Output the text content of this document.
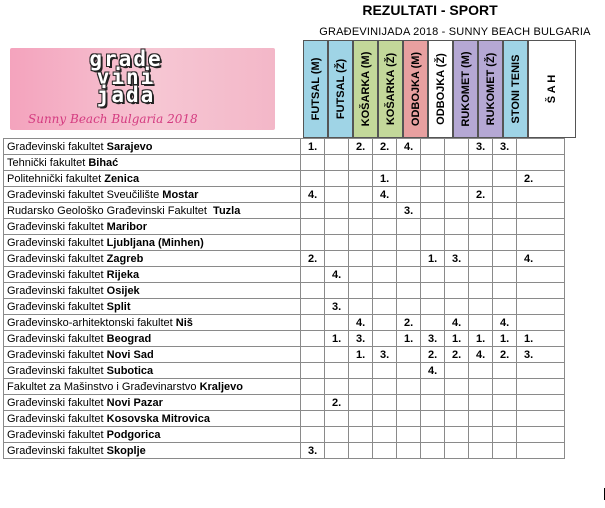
REZULTATI - SPORT
GRAĐEVINIJADA 2018 - SUNNY BEACH BULGARIA
grade
vini
jada
Sunny Beach Bulgaria 2018	FUTSAL (M) FUTSAL (Ž) KOŠARKA (M) KOŠARKA (Ž) ODBOJKA (M) ODBOJKA (Ž) RUKOMET (M) RUKOMET (Ž) STONI TENIS Š A H
Građevinski fakultet Sarajevo	1.		2.	2.	4.			3.	3.	
Tehnički fakultet Bihać										
Politehnički fakultet Zenica				1.						2.
Građevinski fakultet Sveučilište Mostar	4.			4.				2.		
Rudarsko Geološko Građevinski Fakultet  Tuzla					3.					
Građevinski fakultet Maribor										
Građevinski fakultet Ljubljana (Minhen)										
Građevinski fakultet Zagreb	2.					1.	3.			4.
Građevinski fakultet Rijeka		4.								
Građevinski fakultet Osijek										
Građevinski fakultet Split		3.								
Građevinsko-arhitektonski fakultet Niš			4.		2.		4.		4.	
Građevinski fakultet Beograd		1.	3.		1.	3.	1.	1.	1.	1.
Građevinski fakultet Novi Sad			1.	3.		2.	2.	4.	2.	3.
Građevinski fakultet Subotica						4.				
Fakultet za Mašinstvo i Građevinarstvo Kraljevo										
Građevinski fakultet Novi Pazar		2.								
Građevinski fakultet Kosovska Mitrovica										
Građevinski fakultet Podgorica										
Građevinski fakultet Skoplje	3.									
